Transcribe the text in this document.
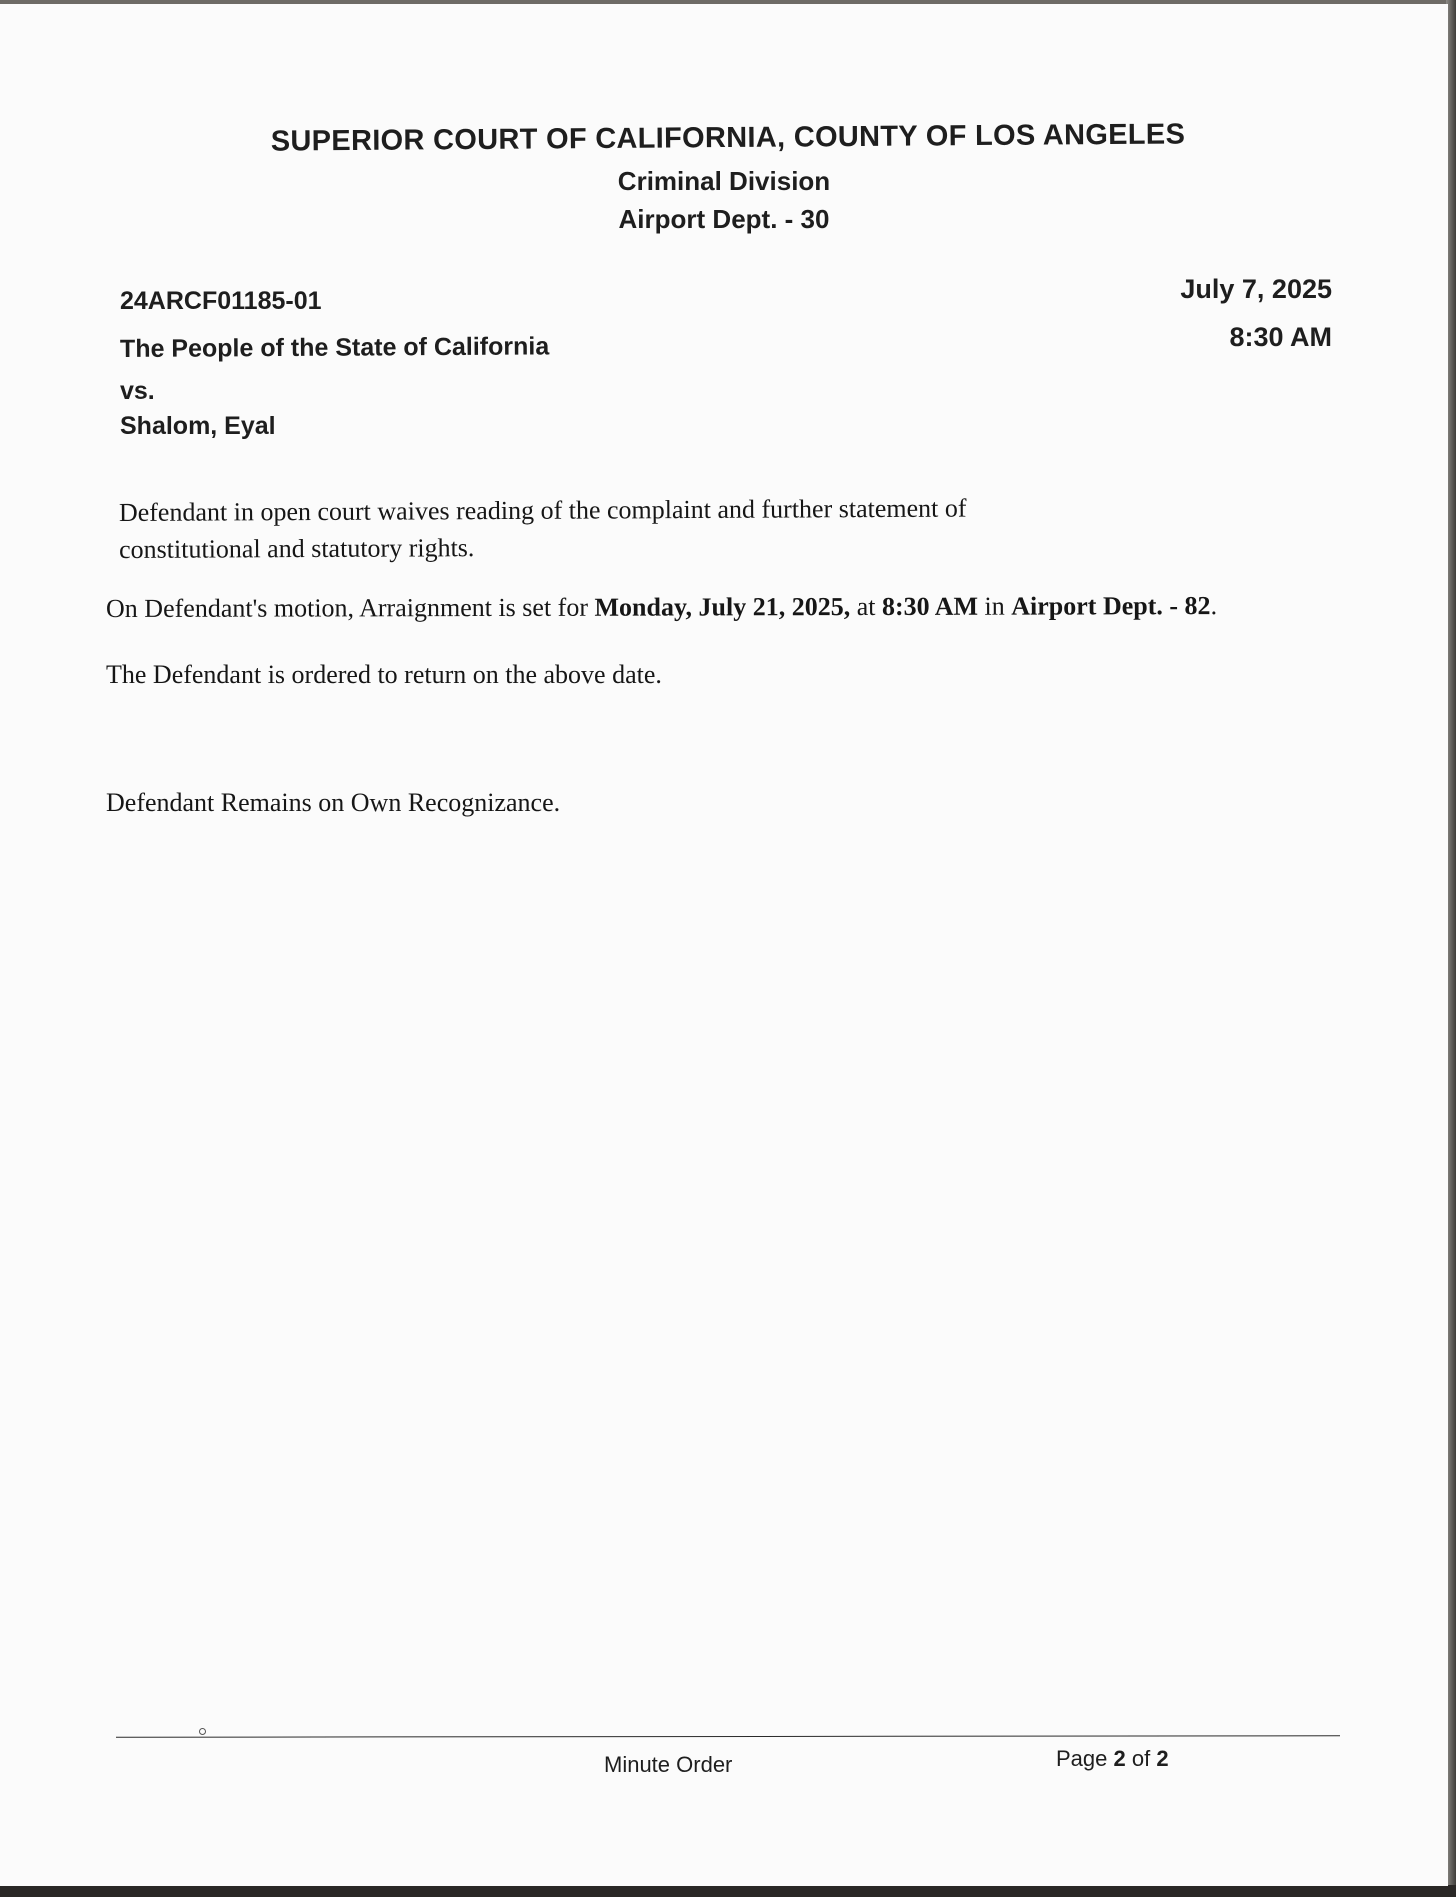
SUPERIOR COURT OF CALIFORNIA, COUNTY OF LOS ANGELES
Criminal Division
Airport Dept. - 30
24ARCF01185-01	July 7, 2025
8:30 AM
The People of the State of California
vs.
Shalom, Eyal
Defendant in open court waives reading of the complaint and further statement of
constitutional and statutory rights.
On Defendant's motion, Arraignment is set for Monday, July 21, 2025, at 8:30 AM in Airport Dept. - 82.
The Defendant is ordered to return on the above date.
Defendant Remains on Own Recognizance.
Minute Order	Page 2 of 2
